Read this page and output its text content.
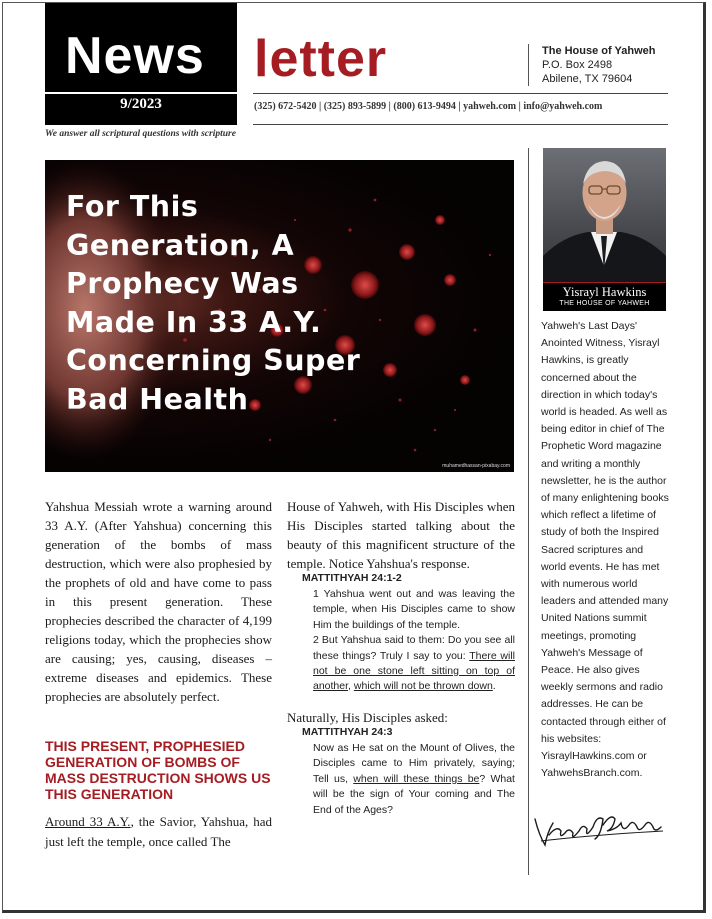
News
9/2023
letter
We answer all scriptural questions with scripture
The House of Yahweh
P.O. Box 2498
Abilene, TX 79604
(325) 672-5420 | (325) 893-5899 | (800) 613-9494 | yahweh.com | info@yahweh.com
For This
Generation, A
Prophecy Was
Made In 33 A.Y.
Concerning Super
Bad Health
muhamedhassan-pixabay.com
Yisrayl Hawkins
THE HOUSE OF YAHWEH

Yahweh's Last Days' Anointed Witness, Yisrayl Hawkins, is greatly concerned about the direction in which today's world is headed. As well as being editor in chief of The Prophetic Word magazine and writing a monthly newsletter, he is the author of many enlightening books which reflect a lifetime of study of both the Inspired Sacred scriptures and world events. He has met with numerous world leaders and attended many United Nations summit meetings, promoting Yahweh's Message of Peace. He also gives weekly sermons and radio addresses. He can be contacted through either of his websites: YisraylHawkins.com or YahwehsBranch.com.

Yahshua Messiah wrote a warning around 33 A.Y. (After Yahshua) concerning this generation of the bombs of mass destruction, which were also prophesied by the prophets of old and have come to pass in this present generation. These prophecies described the character of 4,199 religions today, which the prophecies show are causing; yes, causing, diseases – extreme diseases and epidemics. These prophecies are absolutely perfect.

THIS PRESENT, PROPHESIED GENERATION OF BOMBS OF MASS DESTRUCTION SHOWS US THIS GENERATION
Around 33 A.Y., the Savior, Yahshua, had just left the temple, once called The

House of Yahweh, with His Disciples when His Disciples started talking about the beauty of this magnificent structure of the temple. Notice Yahshua's response.

MATTITHYAH 24:1-2

1 Yahshua went out and was leaving the temple, when His Disciples came to show Him the buildings of the temple.

2 But Yahshua said to them: Do you see all these things? Truly I say to you: There will not be one stone left sitting on top of another, which will not be thrown down.

Naturally, His Disciples asked:
MATTITHYAH 24:3

Now as He sat on the Mount of Olives, the Disciples came to Him privately, saying; Tell us, when will these things be? What will be the sign of Your coming and The End of the Ages?
